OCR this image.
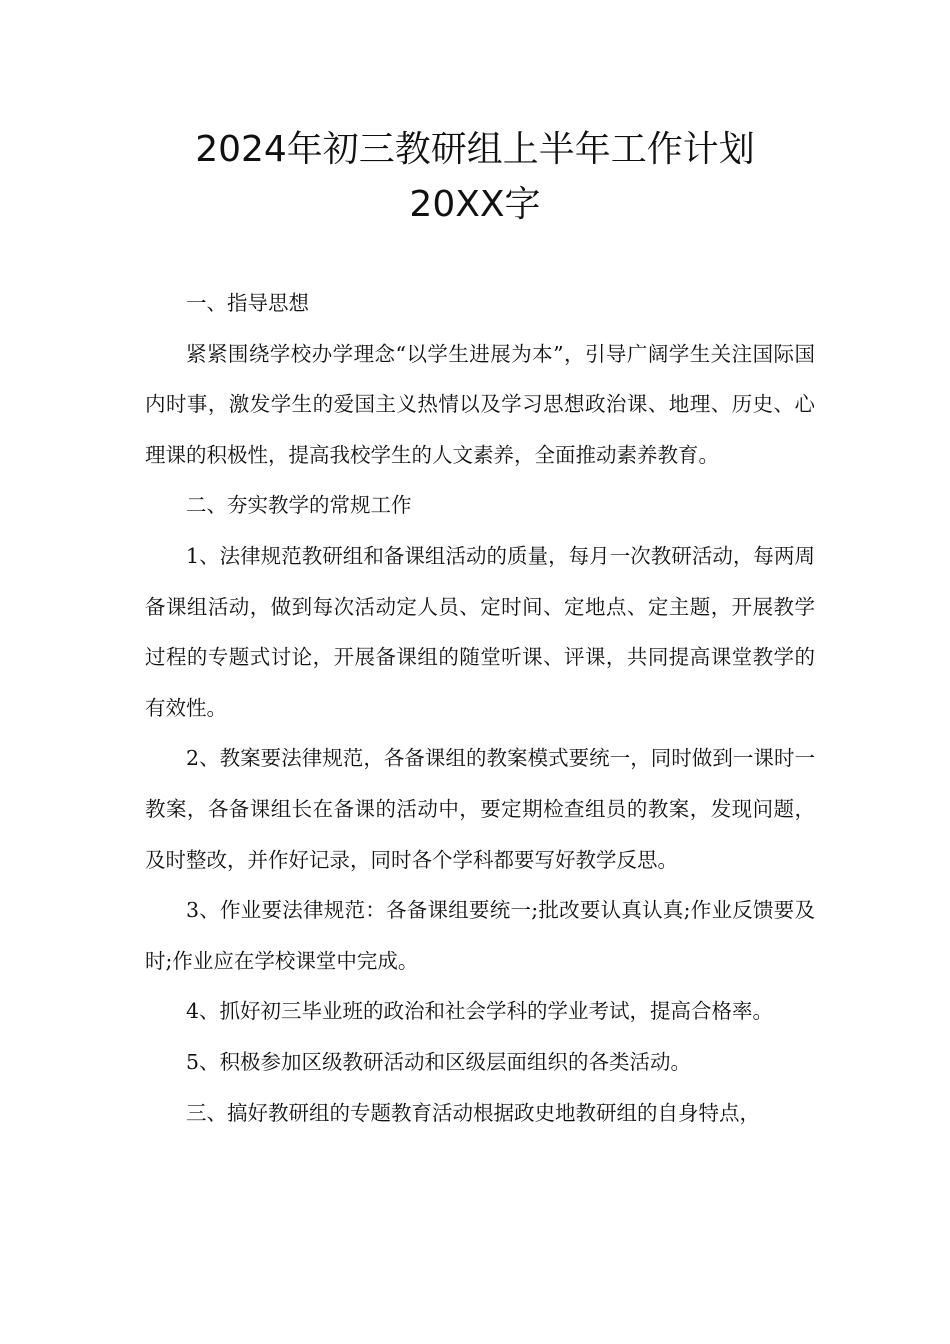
2024年初三教研组上半年工作计划
20XX字

一、指导思想

紧紧围绕学校办学理念“以学生进展为本”，引导广阔学生关注国际国内时事，激发学生的爱国主义热情以及学习思想政治课、地理、历史、心理课的积极性，提高我校学生的人文素养，全面推动素养教育。

二、夯实教学的常规工作

1、法律规范教研组和备课组活动的质量，每月一次教研活动，每两周备课组活动，做到每次活动定人员、定时间、定地点、定主题，开展教学过程的专题式讨论，开展备课组的随堂听课、评课，共同提高课堂教学的有效性。

2、教案要法律规范，各备课组的教案模式要统一，同时做到一课时一教案，各备课组长在备课的活动中，要定期检查组员的教案，发现问题，及时整改，并作好记录，同时各个学科都要写好教学反思。

3、作业要法律规范：各备课组要统一;批改要认真认真;作业反馈要及时;作业应在学校课堂中完成。

4、抓好初三毕业班的政治和社会学科的学业考试，提高合格率。

5、积极参加区级教研活动和区级层面组织的各类活动。

三、搞好教研组的专题教育活动根据政史地教研组的自身特点，
